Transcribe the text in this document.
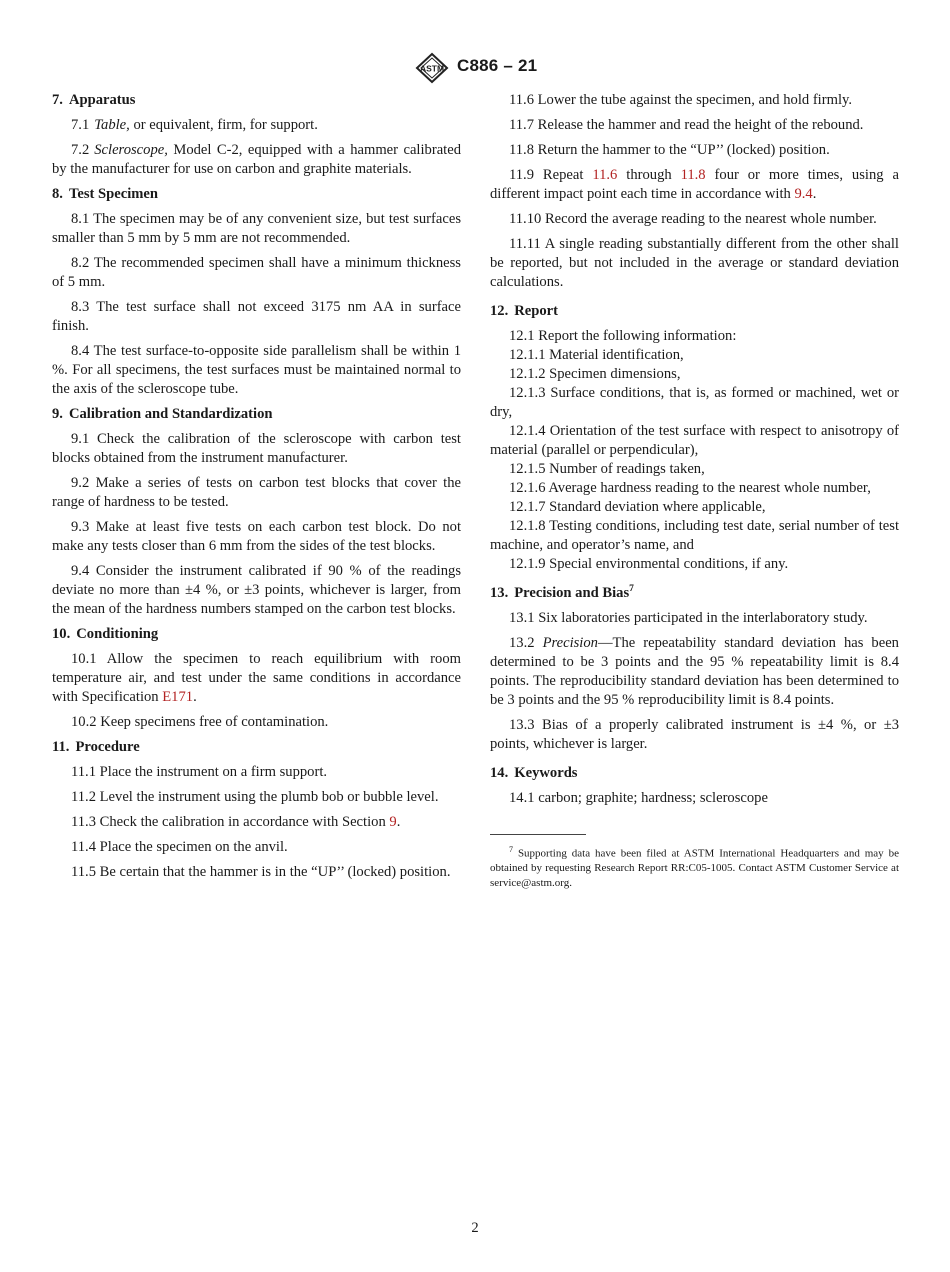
ASTM C886 – 21
7. Apparatus

7.1 Table, or equivalent, firm, for support.

7.2 Scleroscope, Model C-2, equipped with a hammer calibrated by the manufacturer for use on carbon and graphite materials.

8. Test Specimen

8.1 The specimen may be of any convenient size, but test surfaces smaller than 5 mm by 5 mm are not recommended.

8.2 The recommended specimen shall have a minimum thickness of 5 mm.

8.3 The test surface shall not exceed 3175 nm AA in surface finish.

8.4 The test surface-to-opposite side parallelism shall be within 1 %. For all specimens, the test surfaces must be maintained normal to the axis of the scleroscope tube.

9. Calibration and Standardization

9.1 Check the calibration of the scleroscope with carbon test blocks obtained from the instrument manufacturer.

9.2 Make a series of tests on carbon test blocks that cover the range of hardness to be tested.

9.3 Make at least five tests on each carbon test block. Do not make any tests closer than 6 mm from the sides of the test blocks.

9.4 Consider the instrument calibrated if 90 % of the readings deviate no more than ±4 %, or ±3 points, whichever is larger, from the mean of the hardness numbers stamped on the carbon test blocks.

10. Conditioning

10.1 Allow the specimen to reach equilibrium with room temperature air, and test under the same conditions in accordance with Specification E171.

10.2 Keep specimens free of contamination.

11. Procedure

11.1 Place the instrument on a firm support.

11.2 Level the instrument using the plumb bob or bubble level.

11.3 Check the calibration in accordance with Section 9.

11.4 Place the specimen on the anvil.

11.5 Be certain that the hammer is in the “UP’’ (locked) position.

11.6 Lower the tube against the specimen, and hold firmly.

11.7 Release the hammer and read the height of the rebound.

11.8 Return the hammer to the “UP’’ (locked) position.

11.9 Repeat 11.6 through 11.8 four or more times, using a different impact point each time in accordance with 9.4.

11.10 Record the average reading to the nearest whole number.

11.11 A single reading substantially different from the other shall be reported, but not included in the average or standard deviation calculations.

12. Report

12.1 Report the following information:

12.1.1 Material identification,

12.1.2 Specimen dimensions,

12.1.3 Surface conditions, that is, as formed or machined, wet or dry,

12.1.4 Orientation of the test surface with respect to anisotropy of material (parallel or perpendicular),

12.1.5 Number of readings taken,

12.1.6 Average hardness reading to the nearest whole number,

12.1.7 Standard deviation where applicable,

12.1.8 Testing conditions, including test date, serial number of test machine, and operator’s name, and

12.1.9 Special environmental conditions, if any.

13. Precision and Bias$^7$

13.1 Six laboratories participated in the interlaboratory study.

13.2 Precision—The repeatability standard deviation has been determined to be 3 points and the 95 % repeatability limit is 8.4 points. The reproducibility standard deviation has been determined to be 3 points and the 95 % reproducibility limit is 8.4 points.

13.3 Bias of a properly calibrated instrument is ±4 %, or ±3 points, whichever is larger.

14. Keywords

14.1 carbon; graphite; hardness; scleroscope

$^7$ Supporting data have been filed at ASTM International Headquarters and may be obtained by requesting Research Report RR:C05-1005. Contact ASTM Customer Service at service@astm.org.

2
